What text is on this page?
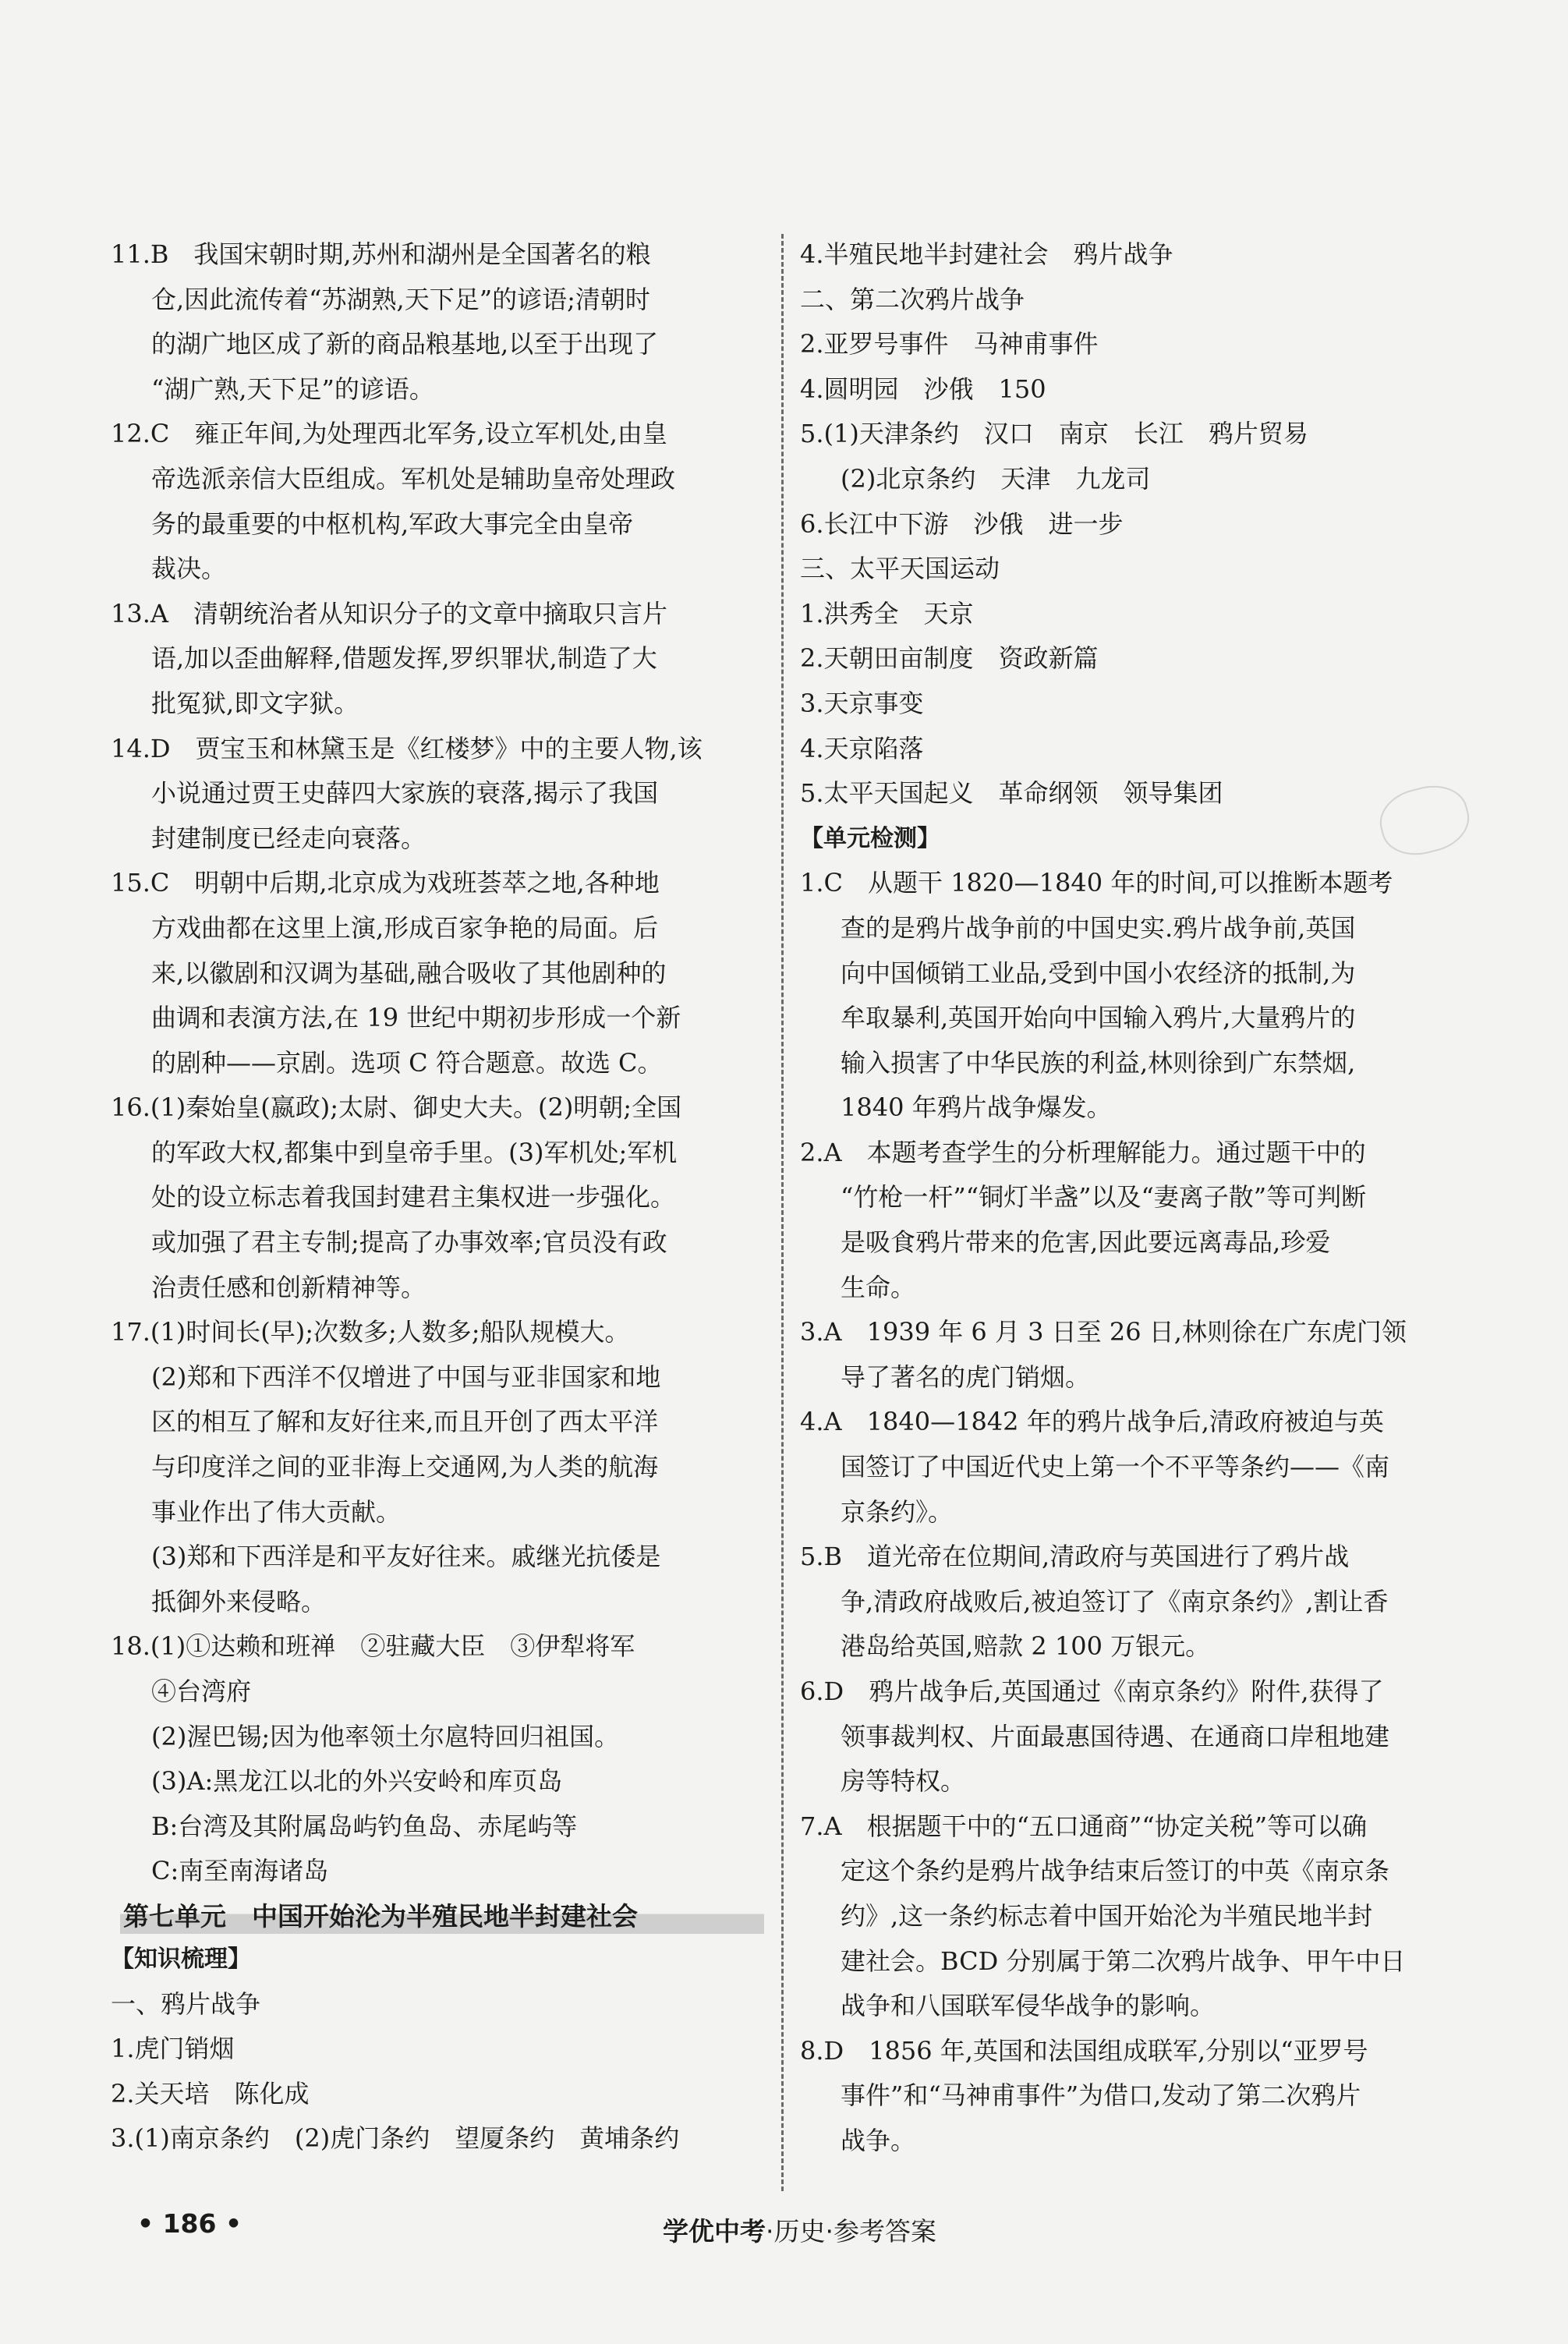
11.B　我国宋朝时期,苏州和湖州是全国著名的粮
仓,因此流传着“苏湖熟,天下足”的谚语;清朝时
的湖广地区成了新的商品粮基地,以至于出现了
“湖广熟,天下足”的谚语。
12.C　雍正年间,为处理西北军务,设立军机处,由皇
帝选派亲信大臣组成。军机处是辅助皇帝处理政
务的最重要的中枢机构,军政大事完全由皇帝
裁决。
13.A　清朝统治者从知识分子的文章中摘取只言片
语,加以歪曲解释,借题发挥,罗织罪状,制造了大
批冤狱,即文字狱。
14.D　贾宝玉和林黛玉是《红楼梦》中的主要人物,该
小说通过贾王史薛四大家族的衰落,揭示了我国
封建制度已经走向衰落。
15.C　明朝中后期,北京成为戏班荟萃之地,各种地
方戏曲都在这里上演,形成百家争艳的局面。后
来,以徽剧和汉调为基础,融合吸收了其他剧种的
曲调和表演方法,在 19 世纪中期初步形成一个新
的剧种——京剧。选项 C 符合题意。故选 C。
16.(1)秦始皇(嬴政);太尉、御史大夫。(2)明朝;全国
的军政大权,都集中到皇帝手里。(3)军机处;军机
处的设立标志着我国封建君主集权进一步强化。
或加强了君主专制;提高了办事效率;官员没有政
治责任感和创新精神等。
17.(1)时间长(早);次数多;人数多;船队规模大。
(2)郑和下西洋不仅增进了中国与亚非国家和地
区的相互了解和友好往来,而且开创了西太平洋
与印度洋之间的亚非海上交通网,为人类的航海
事业作出了伟大贡献。
(3)郑和下西洋是和平友好往来。戚继光抗倭是
抵御外来侵略。
18.(1)①达赖和班禅　②驻藏大臣　③伊犁将军
④台湾府
(2)渥巴锡;因为他率领土尔扈特回归祖国。
(3)A:黑龙江以北的外兴安岭和库页岛
B:台湾及其附属岛屿钓鱼岛、赤尾屿等
C:南至南海诸岛
第七单元　中国开始沦为半殖民地半封建社会
【知识梳理】
一、鸦片战争
1.虎门销烟
2.关天培　陈化成
3.(1)南京条约　(2)虎门条约　望厦条约　黄埔条约
4.半殖民地半封建社会　鸦片战争
二、第二次鸦片战争
2.亚罗号事件　马神甫事件
4.圆明园　沙俄　150
5.(1)天津条约　汉口　南京　长江　鸦片贸易
(2)北京条约　天津　九龙司
6.长江中下游　沙俄　进一步
三、太平天国运动
1.洪秀全　天京
2.天朝田亩制度　资政新篇
3.天京事变
4.天京陷落
5.太平天国起义　革命纲领　领导集团
【单元检测】
1.C　从题干 1820—1840 年的时间,可以推断本题考
查的是鸦片战争前的中国史实.鸦片战争前,英国
向中国倾销工业品,受到中国小农经济的抵制,为
牟取暴利,英国开始向中国输入鸦片,大量鸦片的
输入损害了中华民族的利益,林则徐到广东禁烟,
1840 年鸦片战争爆发。
2.A　本题考查学生的分析理解能力。通过题干中的
“竹枪一杆”“铜灯半盏”以及“妻离子散”等可判断
是吸食鸦片带来的危害,因此要远离毒品,珍爱
生命。
3.A　1939 年 6 月 3 日至 26 日,林则徐在广东虎门领
导了著名的虎门销烟。
4.A　1840—1842 年的鸦片战争后,清政府被迫与英
国签订了中国近代史上第一个不平等条约——《南
京条约》。
5.B　道光帝在位期间,清政府与英国进行了鸦片战
争,清政府战败后,被迫签订了《南京条约》,割让香
港岛给英国,赔款 2 100 万银元。
6.D　鸦片战争后,英国通过《南京条约》附件,获得了
领事裁判权、片面最惠国待遇、在通商口岸租地建
房等特权。
7.A　根据题干中的“五口通商”“协定关税”等可以确
定这个条约是鸦片战争结束后签订的中英《南京条
约》,这一条约标志着中国开始沦为半殖民地半封
建社会。BCD 分别属于第二次鸦片战争、甲午中日
战争和八国联军侵华战争的影响。
8.D　1856 年,英国和法国组成联军,分别以“亚罗号
事件”和“马神甫事件”为借口,发动了第二次鸦片
战争。
• 186 •	学优中考·历史·参考答案
